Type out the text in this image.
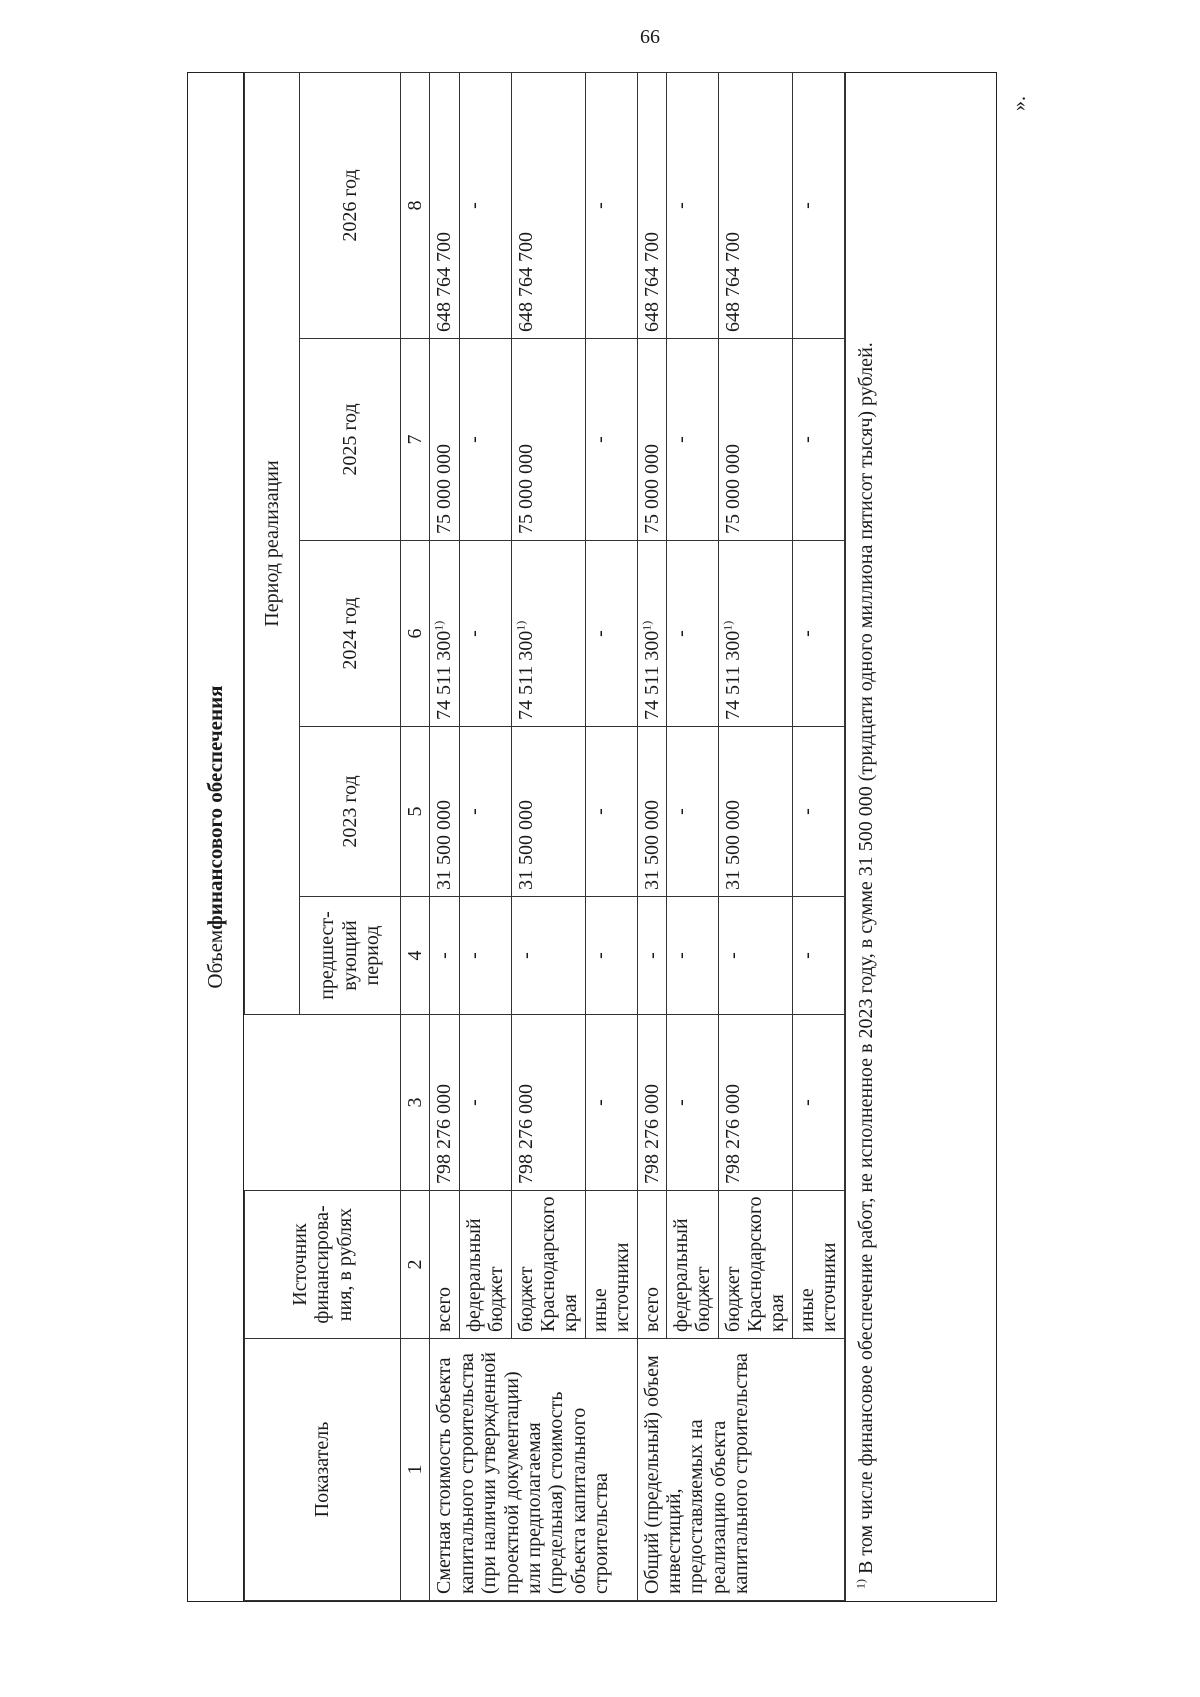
66
».
Объем
финансового обеспечения
Показатель	Источник финансирова-ния, в рублях		Период реализации				
			предшест-вующий период	2023 год	2024 год	2025 год	2026 год
1	2	3	4	5	6	7	8
Сметная стоимость объекта капитального строительства (при наличии утвержденной проектной документации) или предполагаемая (предельная) стоимость объекта капитального строительства	всего	798 276 000	-	31 500 000	74 511 300$^{1)}$	75 000 000	648 764 700
	федеральный бюджет	-	-	-	-	-	-
	бюджет Краснодарского края	798 276 000	-	31 500 000	74 511 300$^{1)}$	75 000 000	648 764 700
	иные источники	-	-	-	-	-	-
Общий (предельный) объем инвестиций, предоставляемых на реализацию объекта капитального строительства	всего	798 276 000	-	31 500 000	74 511 300$^{1)}$	75 000 000	648 764 700
	федеральный бюджет	-	-	-	-	-	-
	бюджет Краснодарского края	798 276 000	-	31 500 000	74 511 300$^{1)}$	75 000 000	648 764 700
	иные источники	-	-	-	-	-	-
$^{1)}$ В том числе финансовое обеспечение работ, не исполненное в 2023 году, в сумме 31 500 000 (тридцати одного миллиона пятисот тысяч) рублей.
